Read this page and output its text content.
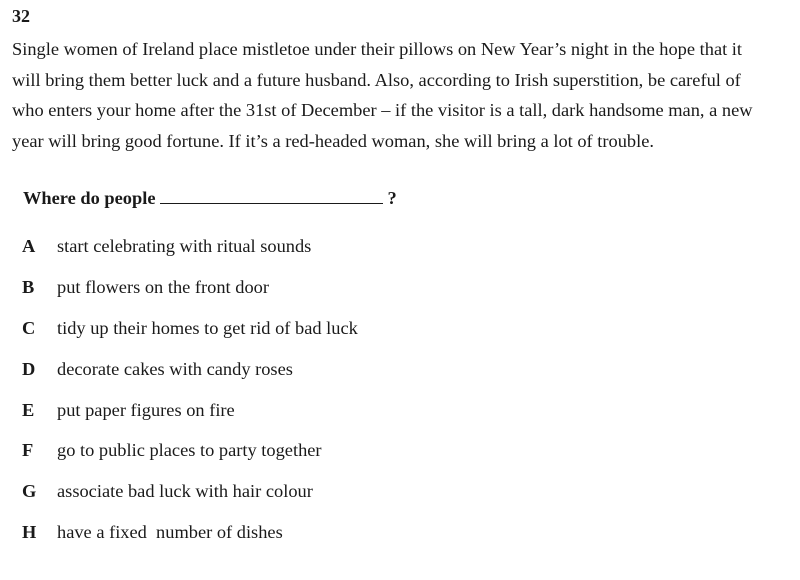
32

Single women of Ireland place mistletoe under their pillows on New Year’s night in the hope that it will bring them better luck and a future husband. Also, according to Irish superstition, be careful of who enters your home after the 31st of December – if the visitor is a tall, dark handsome man, a new year will bring good fortune. If it’s a red-headed woman, she will bring a lot of trouble.

Where do people	?
A	start celebrating with ritual sounds
B	put flowers on the front door
C	tidy up their homes to get rid of bad luck
D	decorate cakes with candy roses
E	put paper figures on fire
F	go to public places to party together
G	associate bad luck with hair colour
H	have a fixed  number of dishes
